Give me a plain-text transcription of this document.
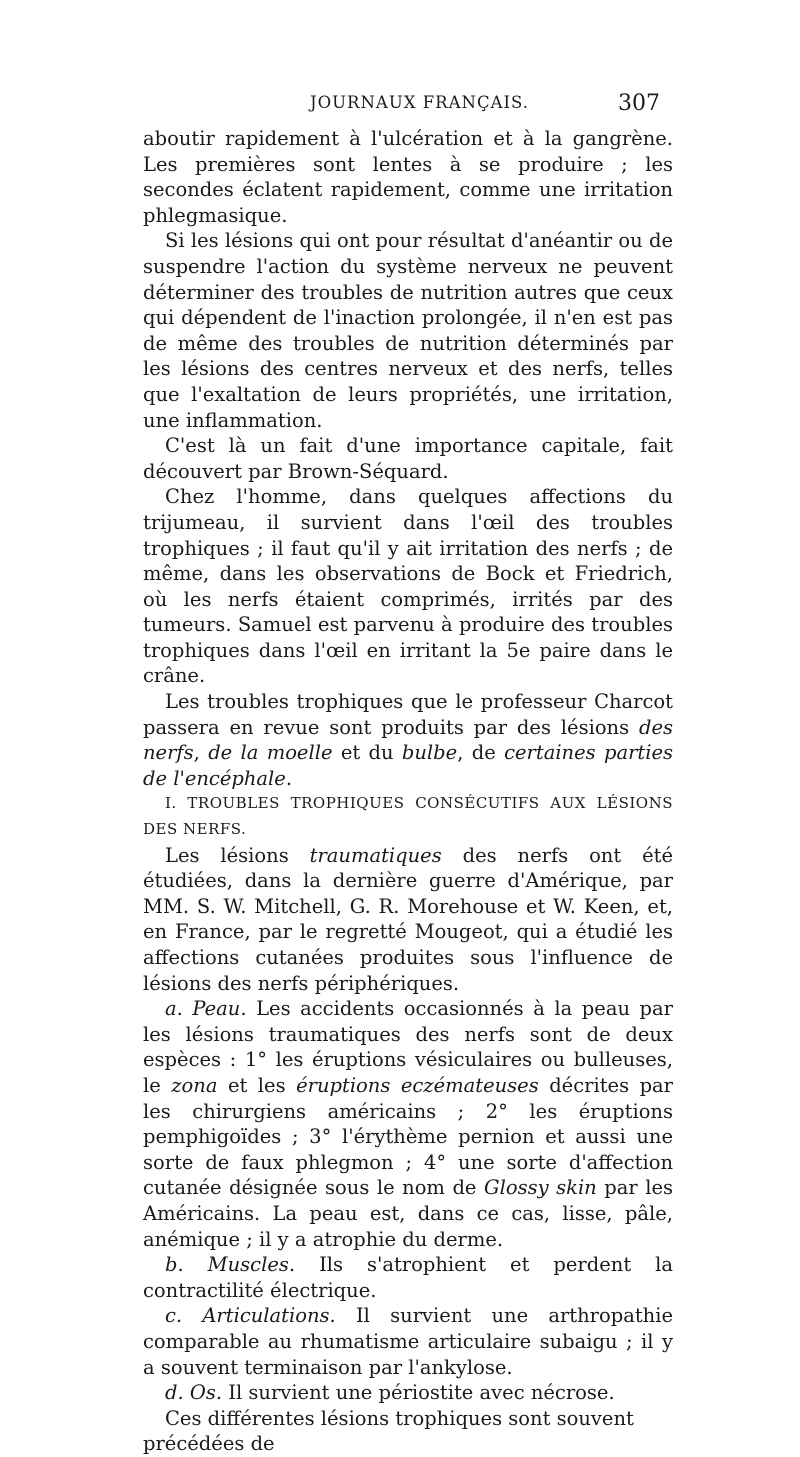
JOURNAUX FRANÇAIS.	307

aboutir rapidement à l'ulcération et à la gangrène. Les premières sont lentes à se produire ; les secondes éclatent rapidement, comme une irritation phlegmasique.

Si les lésions qui ont pour résultat d'anéantir ou de suspendre l'action du système nerveux ne peuvent déterminer des troubles de nutrition autres que ceux qui dépendent de l'inaction prolongée, il n'en est pas de même des troubles de nutrition déterminés par les lésions des centres nerveux et des nerfs, telles que l'exaltation de leurs propriétés, une irritation, une inflammation.

C'est là un fait d'une importance capitale, fait découvert par Brown-Séquard.

Chez l'homme, dans quelques affections du trijumeau, il survient dans l'œil des troubles trophiques ; il faut qu'il y ait irritation des nerfs ; de même, dans les observations de Bock et Friedrich, où les nerfs étaient comprimés, irrités par des tumeurs. Samuel est parvenu à produire des troubles trophiques dans l'œil en irritant la 5e paire dans le crâne.

Les troubles trophiques que le professeur Charcot passera en revue sont produits par des lésions des nerfs, de la moelle et du bulbe, de certaines parties de l'encéphale.

I. TROUBLES TROPHIQUES CONSÉCUTIFS AUX LÉSIONS DES NERFS.

Les lésions traumatiques des nerfs ont été étudiées, dans la dernière guerre d'Amérique, par MM. S. W. Mitchell, G. R. Morehouse et W. Keen, et, en France, par le regretté Mougeot, qui a étudié les affections cutanées produites sous l'influence de lésions des nerfs périphériques.

a. Peau. Les accidents occasionnés à la peau par les lésions traumatiques des nerfs sont de deux espèces : 1° les éruptions vésiculaires ou bulleuses, le zona et les éruptions eczémateuses décrites par les chirurgiens américains ; 2° les éruptions pemphigoïdes ; 3° l'érythème pernion et aussi une sorte de faux phlegmon ; 4° une sorte d'affection cutanée désignée sous le nom de Glossy skin par les Américains. La peau est, dans ce cas, lisse, pâle, anémique ; il y a atrophie du derme.

b. Muscles. Ils s'atrophient et perdent la contractilité électrique.

c. Articulations. Il survient une arthropathie comparable au rhumatisme articulaire subaigu ; il y a souvent terminaison par l'ankylose.

d. Os. Il survient une périostite avec nécrose.

Ces différentes lésions trophiques sont souvent précédées de
